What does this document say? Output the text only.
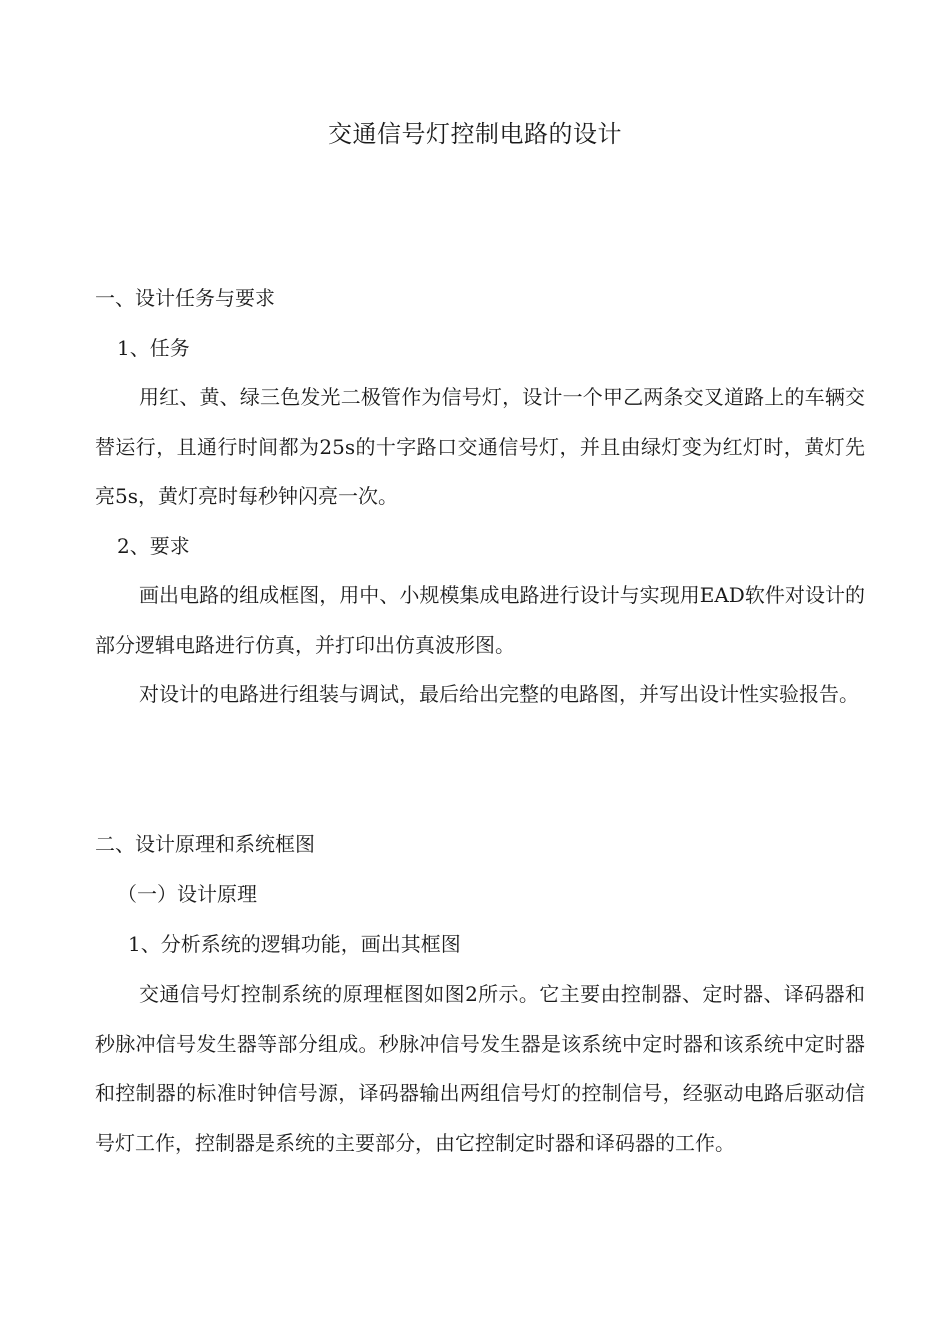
交通信号灯控制电路的设计
一、设计任务与要求
1、任务

用红、黄、绿三色发光二极管作为信号灯，设计一个甲乙两条交叉道路上的车辆交替运行，且通行时间都为25s的十字路口交通信号灯，并且由绿灯变为红灯时，黄灯先亮5s，黄灯亮时每秒钟闪亮一次。

2、要求

画出电路的组成框图，用中、小规模集成电路进行设计与实现用EAD软件对设计的部分逻辑电路进行仿真，并打印出仿真波形图。

对设计的电路进行组装与调试，最后给出完整的电路图，并写出设计性实验报告。

二、设计原理和系统框图
（一）设计原理
1、分析系统的逻辑功能，画出其框图

交通信号灯控制系统的原理框图如图2所示。它主要由控制器、定时器、译码器和秒脉冲信号发生器等部分组成。秒脉冲信号发生器是该系统中定时器和该系统中定时器和控制器的标准时钟信号源，译码器输出两组信号灯的控制信号，经驱动电路后驱动信号灯工作，控制器是系统的主要部分，由它控制定时器和译码器的工作。
